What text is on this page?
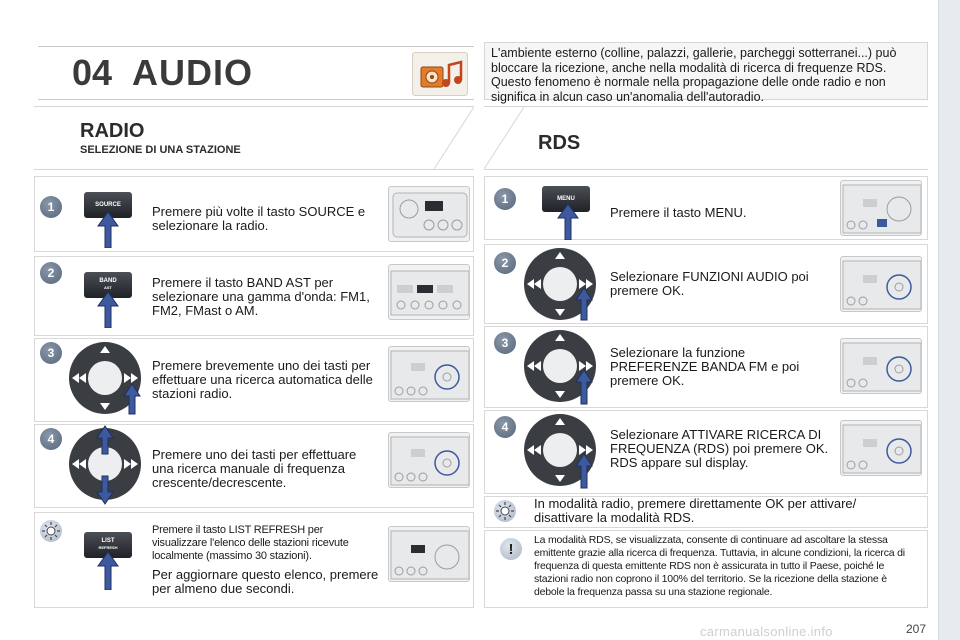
04 AUDIO	L'ambiente esterno (colline, palazzi, gallerie, parcheggi sotterranei...) può bloccare la ricezione, anche nella modalità di ricerca di frequenze RDS. Questo fenomeno è normale nella propagazione delle onde radio e non significa in alcun caso un'anomalia dell'autoradio.
RADIO
SELEZIONE DI UNA STAZIONE
1	SOURCE	Premere più volte il tasto SOURCE e selezionare la radio.
2
BAND
AST	Premere il tasto BAND AST per selezionare una gamma d'onda: FM1, FM2, FMast o AM.
3
Premere brevemente uno dei tasti per effettuare una ricerca automatica delle stazioni radio.
4
Premere uno dei tasti per effettuare una ricerca manuale di frequenza crescente/decrescente.
LIST
REFRESH
Premere il tasto LIST REFRESH per visualizzare l'elenco delle stazioni ricevute localmente (massimo 30 stazioni).
Per aggiornare questo elenco, premere per almeno due secondi.
RDS
1	MENU
Premere il tasto MENU.
2
Selezionare FUNZIONI AUDIO poi premere OK.
3
Selezionare la funzione PREFERENZE BANDA FM e poi premere OK.
4	Selezionare ATTIVARE RICERCA DI FREQUENZA (RDS) poi premere OK. RDS appare sul display.
In modalità radio, premere direttamente OK per attivare/ disattivare la modalità RDS.
!
La modalità RDS, se visualizzata, consente di continuare ad ascoltare la stessa emittente grazie alla ricerca di frequenza. Tuttavia, in alcune condizioni, la ricerca di frequenza di questa emittente RDS non è assicurata in tutto il Paese, poiché le stazioni radio non coprono il 100% del territorio. Se la ricezione della stazione è debole la frequenza passa su una stazione regionale.
carmanualsonline.info	207
